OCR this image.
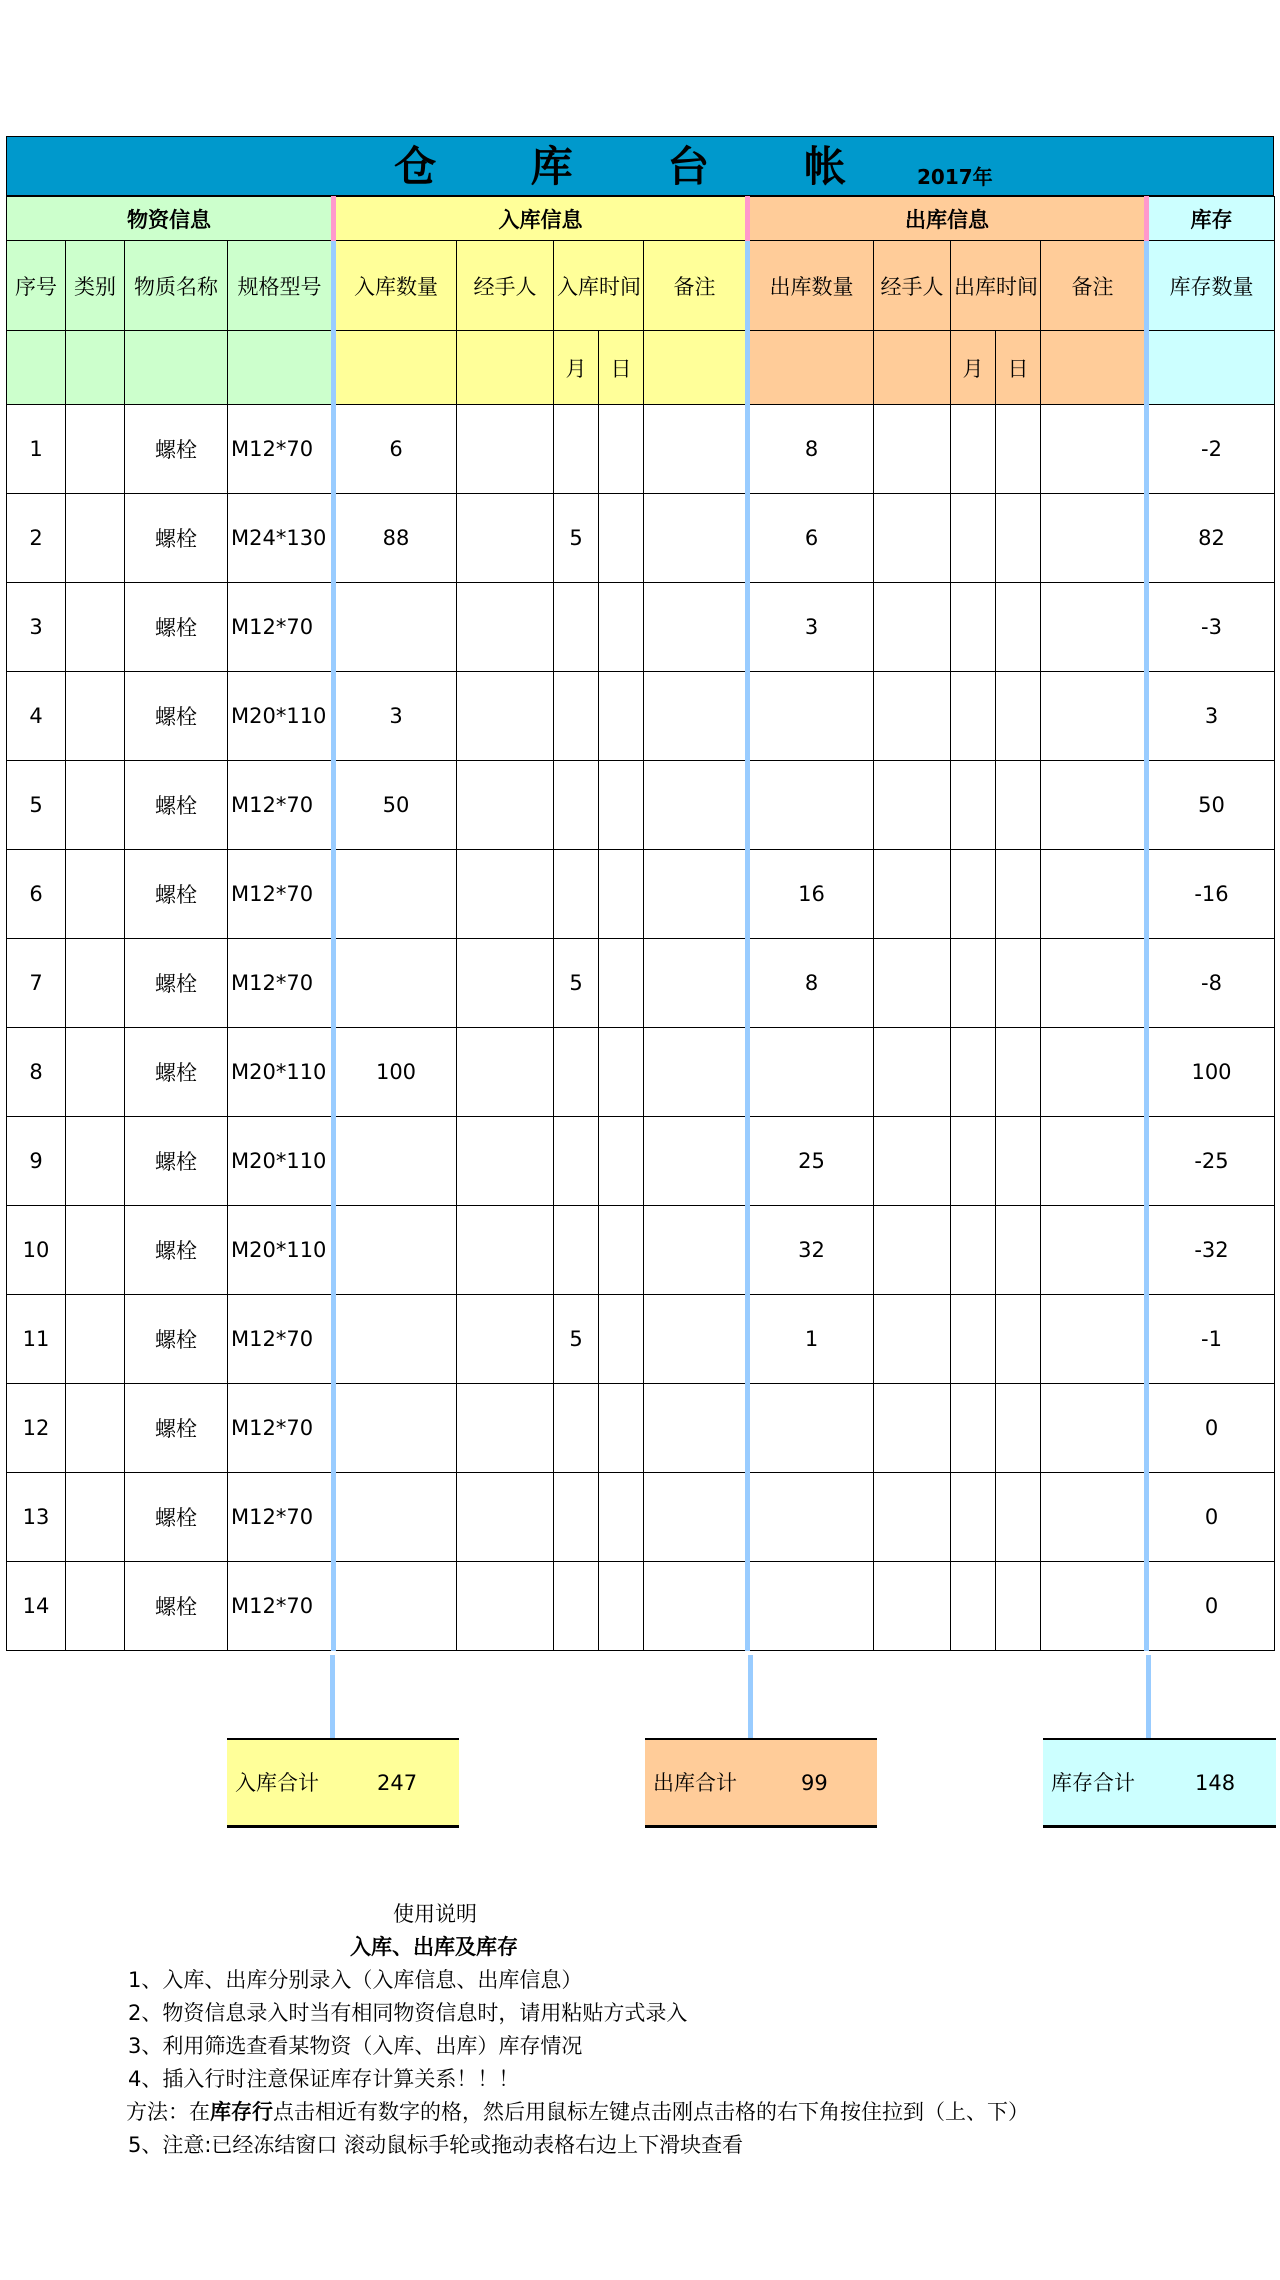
仓 库 台 帐	2017年
物资信息				入库信息					出库信息					库存
序号	类别	物质名称	规格型号	入库数量	经手人	入库时间		备注	出库数量	经手人	出库时间		备注	库存数量
						月	日				月	日		
1		螺栓	M12*70	6					8					-2
2		螺栓	M24*130	88		5			6					82
3		螺栓	M12*70						3					-3
4		螺栓	M20*110	3										3
5		螺栓	M12*70	50										50
6		螺栓	M12*70						16					-16
7		螺栓	M12*70			5			8					-8
8		螺栓	M20*110	100										100
9		螺栓	M20*110						25					-25
10		螺栓	M20*110						32					-32
11		螺栓	M12*70			5			1					-1
12		螺栓	M12*70											0
13		螺栓	M12*70											0
14		螺栓	M12*70											0
入库合计	247	出库合计	99	库存合计	148
使用说明
入库、出库及库存
1、入库、出库分别录入（入库信息、出库信息）
2、物资信息录入时当有相同物资信息时，请用粘贴方式录入
3、利用筛选查看某物资（入库、出库）库存情况
4、插入行时注意保证库存计算关系！！！
方法：在库存行点击相近有数字的格，然后用鼠标左键点击刚点击格的右下角按住拉到（上、下）
5、注意:已经冻结窗口 滚动鼠标手轮或拖动表格右边上下滑块查看
